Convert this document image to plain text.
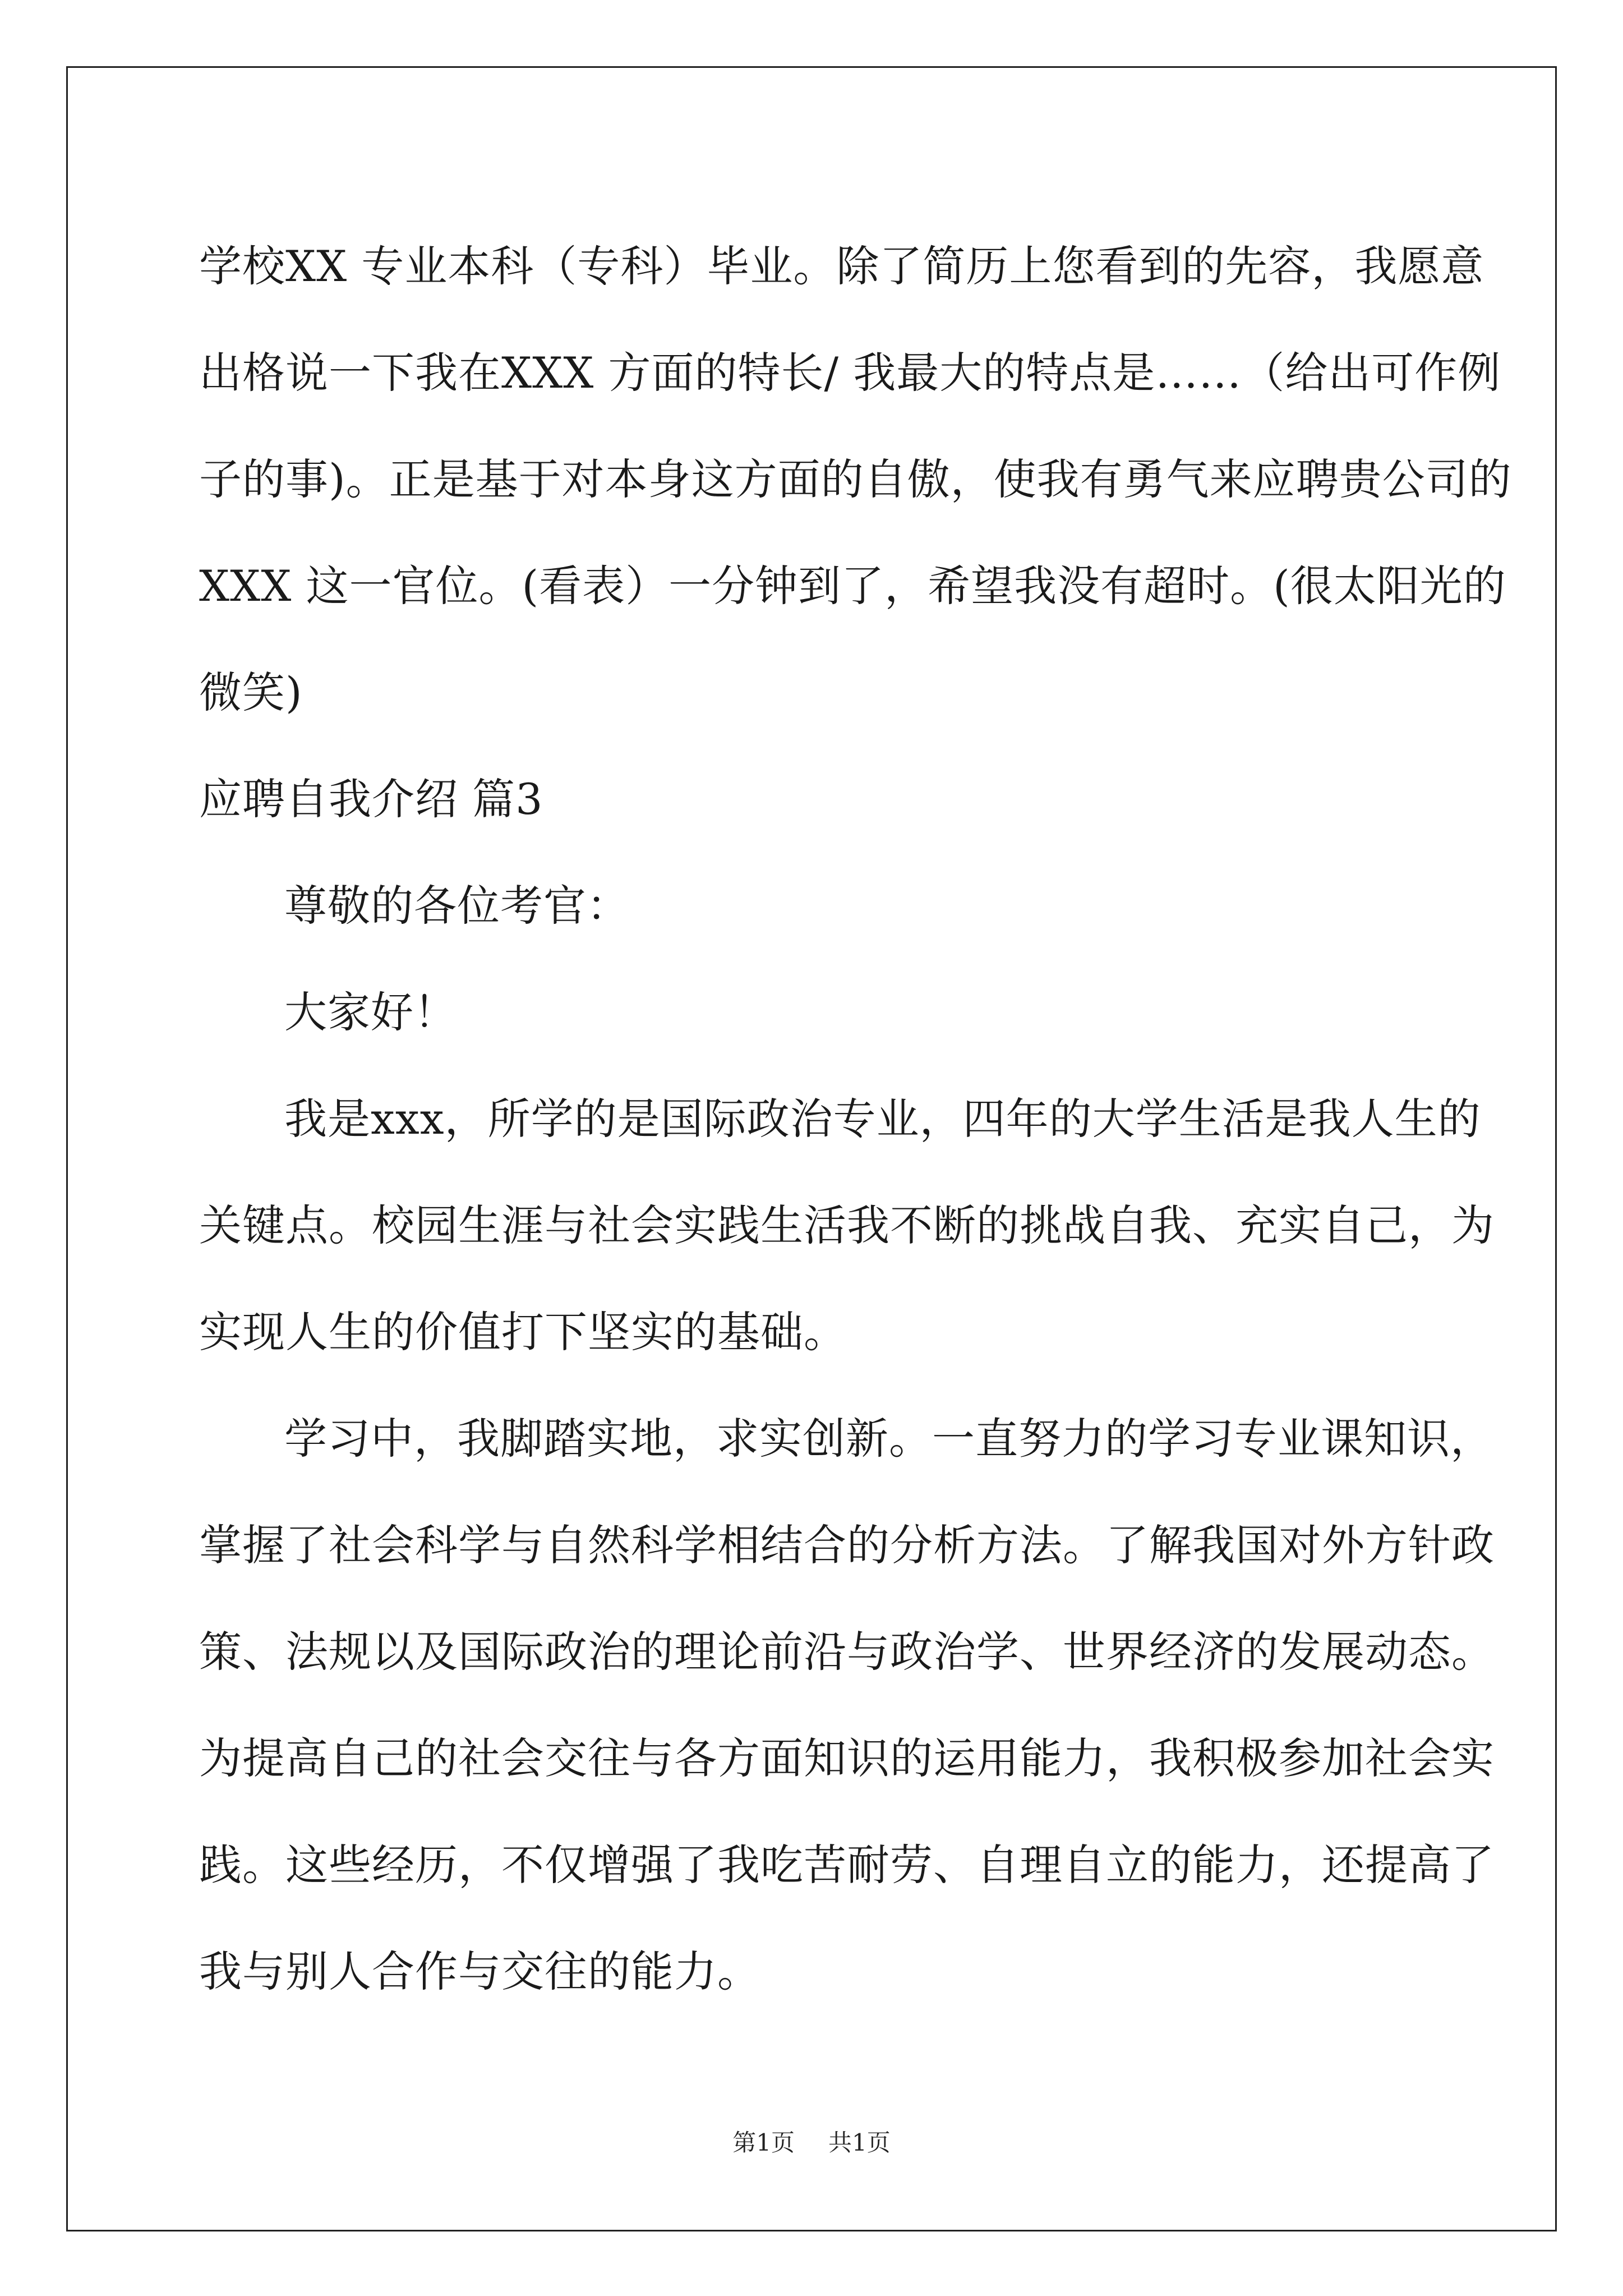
学校XX 专业本科（专科）毕业。除了简历上您看到的先容，我愿意
出格说一下我在XXX 方面的特长/ 我最大的特点是……（给出可作例
子的事)。正是基于对本身这方面的自傲，使我有勇气来应聘贵公司的
XXX 这一官位。(看表）一分钟到了，希望我没有超时。(很太阳光的
微笑)
应聘自我介绍 篇3
尊敬的各位考官：
大家好！
我是xxx，所学的是国际政治专业，四年的大学生活是我人生的
关键点。校园生涯与社会实践生活我不断的挑战自我、充实自己，为
实现人生的价值打下坚实的基础。
学习中，我脚踏实地，求实创新。一直努力的学习专业课知识，
掌握了社会科学与自然科学相结合的分析方法。了解我国对外方针政
策、法规以及国际政治的理论前沿与政治学、世界经济的发展动态。
为提高自己的社会交往与各方面知识的运用能力，我积极参加社会实
践。这些经历，不仅增强了我吃苦耐劳、自理自立的能力，还提高了
我与别人合作与交往的能力。
第1页 共1页
